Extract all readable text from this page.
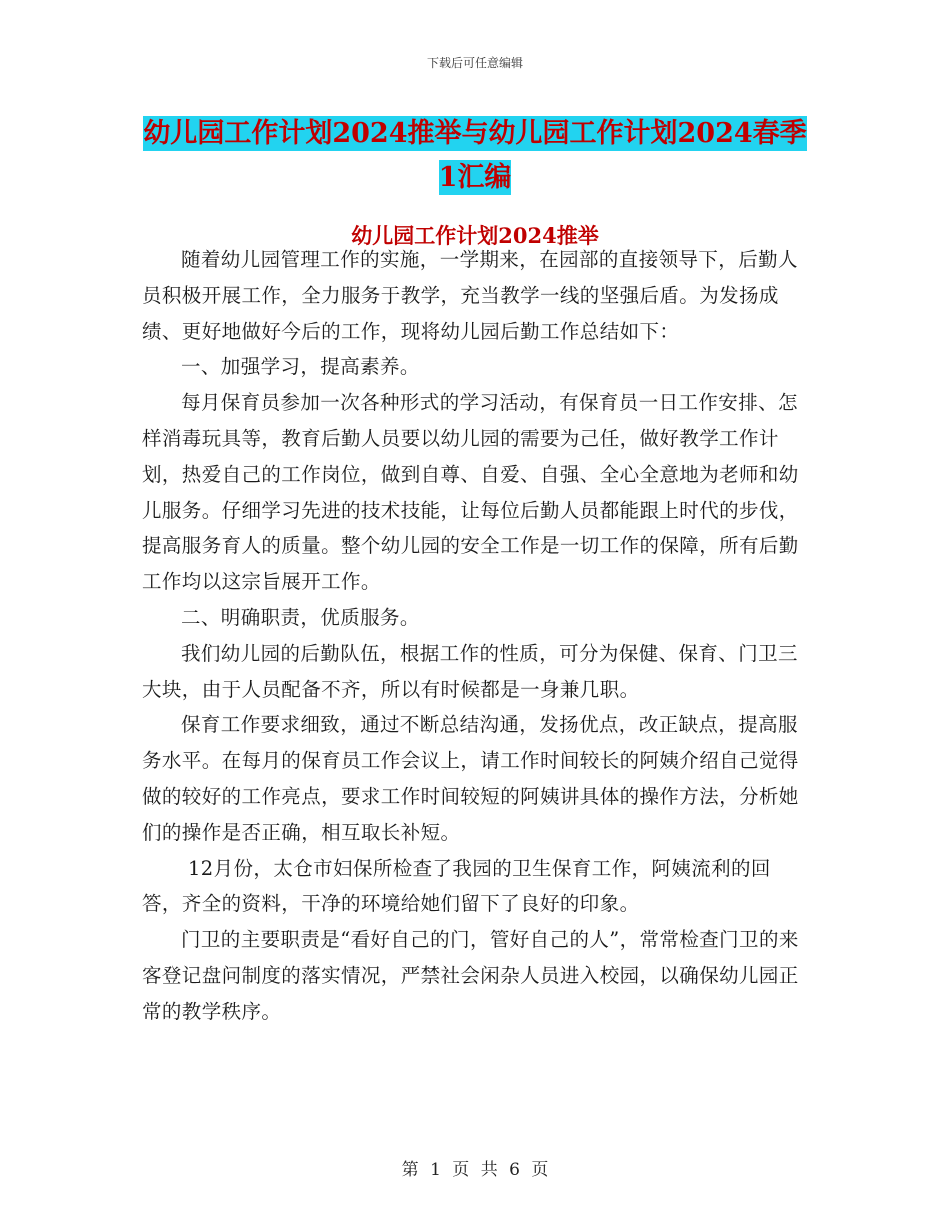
下载后可任意编辑
幼儿园工作计划2024推举与幼儿园工作计划2024春季1汇编
幼儿园工作计划2024推举

随着幼儿园管理工作的实施，一学期来，在园部的直接领导下，后勤人员积极开展工作，全力服务于教学，充当教学一线的坚强后盾。为发扬成绩、更好地做好今后的工作，现将幼儿园后勤工作总结如下：

一、加强学习，提高素养。

每月保育员参加一次各种形式的学习活动，有保育员一日工作安排、怎样消毒玩具等，教育后勤人员要以幼儿园的需要为己任，做好教学工作计划，热爱自己的工作岗位，做到自尊、自爱、自强、全心全意地为老师和幼儿服务。仔细学习先进的技术技能，让每位后勤人员都能跟上时代的步伐，提高服务育人的质量。整个幼儿园的安全工作是一切工作的保障，所有后勤工作均以这宗旨展开工作。

二、明确职责，优质服务。

我们幼儿园的后勤队伍，根据工作的性质，可分为保健、保育、门卫三大块，由于人员配备不齐，所以有时候都是一身兼几职。

保育工作要求细致，通过不断总结沟通，发扬优点，改正缺点，提高服务水平。在每月的保育员工作会议上，请工作时间较长的阿姨介绍自己觉得做的较好的工作亮点，要求工作时间较短的阿姨讲具体的操作方法，分析她们的操作是否正确，相互取长补短。

12月份，太仓市妇保所检查了我园的卫生保育工作，阿姨流利的回答，齐全的资料，干净的环境给她们留下了良好的印象。

门卫的主要职责是“看好自己的门，管好自己的人”，常常检查门卫的来客登记盘问制度的落实情况，严禁社会闲杂人员进入校园，以确保幼儿园正常的教学秩序。

第 1 页 共 6 页
